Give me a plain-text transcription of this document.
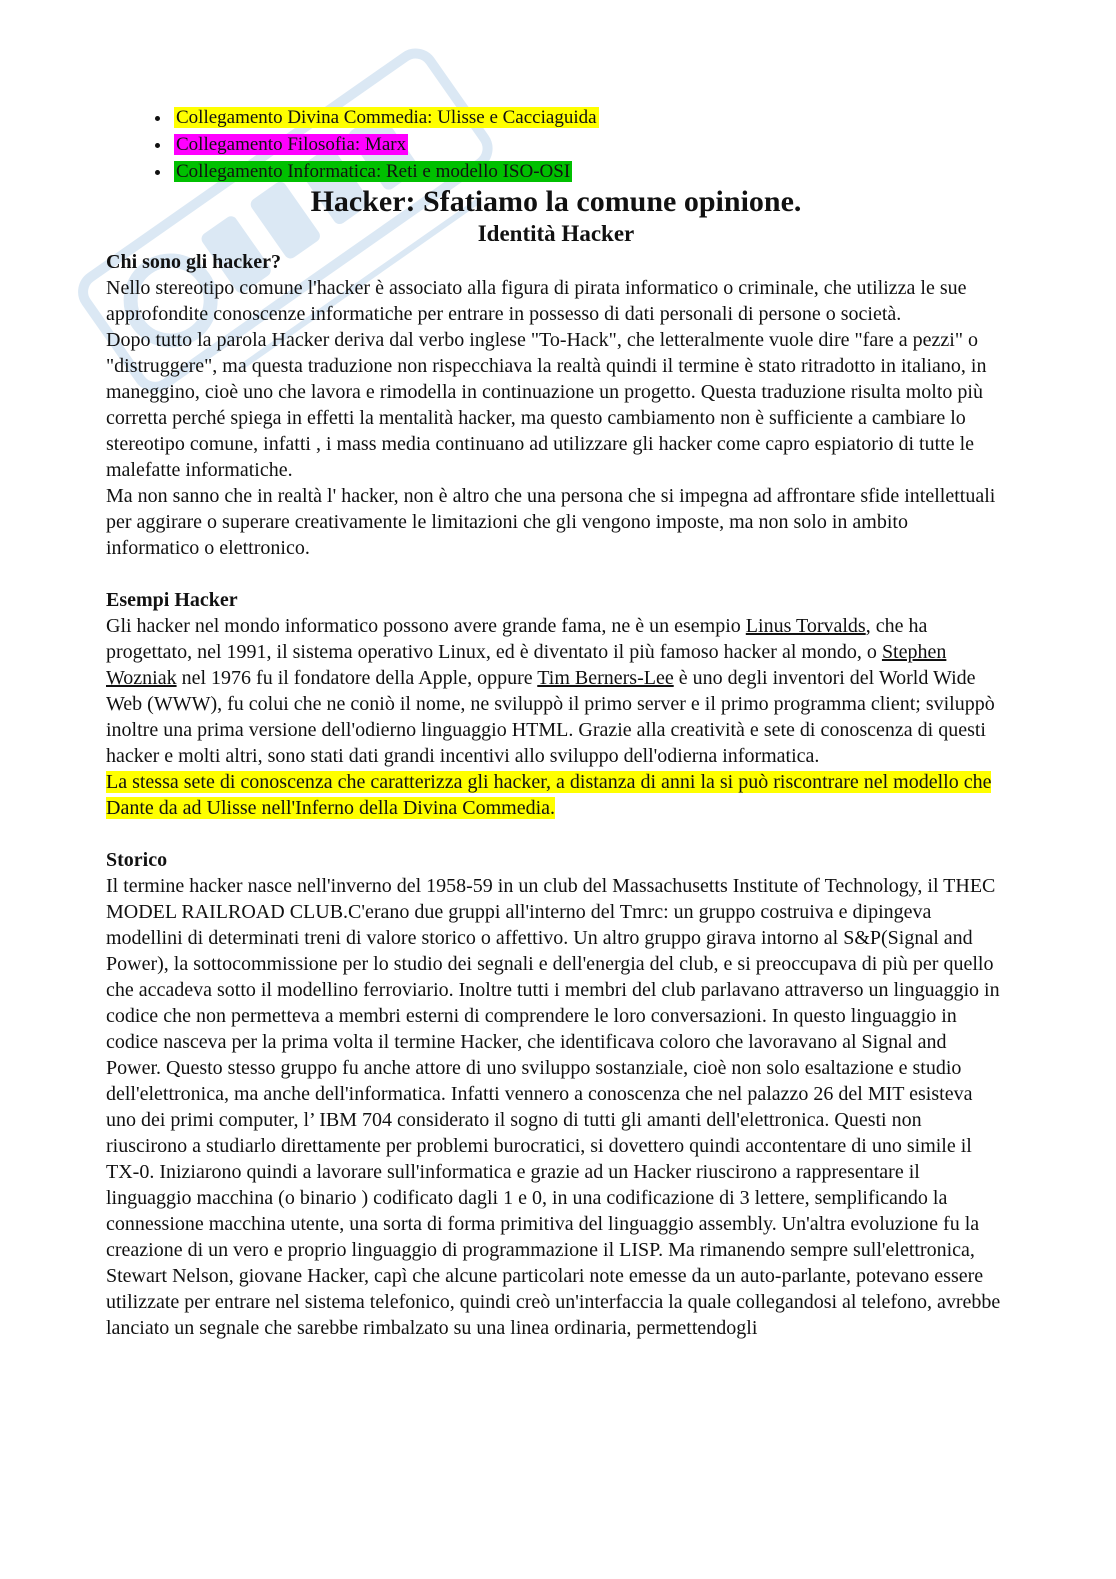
• Collegamento Divina Commedia: Ulisse e Cacciaguida
• Collegamento Filosofia: Marx
• Collegamento Informatica: Reti e modello ISO-OSI
Hacker: Sfatiamo la comune opinione.
Identità Hacker
Chi sono gli hacker?

Nello stereotipo comune l'hacker è associato alla figura di pirata informatico o criminale, che utilizza le sue approfondite conoscenze informatiche per entrare in possesso di dati personali di persone o società.

Dopo tutto la parola Hacker deriva dal verbo inglese "To-Hack", che letteralmente vuole dire "fare a pezzi" o "distruggere", ma questa traduzione non rispecchiava la realtà quindi il termine è stato ritradotto in italiano, in maneggino, cioè uno che lavora e rimodella in continuazione un progetto. Questa traduzione risulta molto più corretta perché spiega in effetti la mentalità hacker, ma questo cambiamento non è sufficiente a cambiare lo stereotipo comune, infatti , i mass media continuano ad utilizzare gli hacker come capro espiatorio di tutte le malefatte informatiche.

Ma non sanno che in realtà l' hacker, non è altro che una persona che si impegna ad affrontare sfide intellettuali per aggirare o superare creativamente le limitazioni che gli vengono imposte, ma non solo in ambito informatico o elettronico.

Esempi Hacker

Gli hacker nel mondo informatico possono avere grande fama, ne è un esempio Linus Torvalds, che ha progettato, nel 1991, il sistema operativo Linux, ed è diventato il più famoso hacker al mondo, o Stephen Wozniak nel 1976 fu il fondatore della Apple, oppure Tim Berners-Lee è uno degli inventori del World Wide Web (WWW), fu colui che ne coniò il nome, ne sviluppò il primo server e il primo programma client; sviluppò inoltre una prima versione dell'odierno linguaggio HTML. Grazie alla creatività e sete di conoscenza di questi hacker e molti altri, sono stati dati grandi incentivi allo sviluppo dell'odierna informatica.

La stessa sete di conoscenza che caratterizza gli hacker, a distanza di anni la si può riscontrare nel modello che Dante da ad Ulisse nell'Inferno della Divina Commedia.

Storico

Il termine hacker nasce nell'inverno del 1958-59 in un club del Massachusetts Institute of Technology, il THEC MODEL RAILROAD CLUB.C'erano due gruppi all'interno del Tmrc: un gruppo costruiva e dipingeva modellini di determinati treni di valore storico o affettivo. Un altro gruppo girava intorno al S&P(Signal and Power), la sottocommissione per lo studio dei segnali e dell'energia del club, e si preoccupava di più per quello che accadeva sotto il modellino ferroviario. Inoltre tutti i membri del club parlavano attraverso un linguaggio in codice che non permetteva a membri esterni di comprendere le loro conversazioni. In questo linguaggio in codice nasceva per la prima volta il termine Hacker, che identificava coloro che lavoravano al Signal and Power. Questo stesso gruppo fu anche attore di uno sviluppo sostanziale, cioè non solo esaltazione e studio dell'elettronica, ma anche dell'informatica. Infatti vennero a conoscenza che nel palazzo 26 del MIT esisteva uno dei primi computer, l’ IBM 704 considerato il sogno di tutti gli amanti dell'elettronica. Questi non riuscirono a studiarlo direttamente per problemi burocratici, si dovettero quindi accontentare di uno simile il TX-0. Iniziarono quindi a lavorare sull'informatica e grazie ad un Hacker riuscirono a rappresentare il linguaggio macchina (o binario ) codificato dagli 1 e 0, in una codificazione di 3 lettere, semplificando la connessione macchina utente, una sorta di forma primitiva del linguaggio assembly. Un'altra evoluzione fu la creazione di un vero e proprio linguaggio di programmazione il LISP. Ma rimanendo sempre sull'elettronica, Stewart Nelson, giovane Hacker, capì che alcune particolari note emesse da un auto-parlante, potevano essere utilizzate per entrare nel sistema telefonico, quindi creò un'interfaccia la quale collegandosi al telefono, avrebbe lanciato un segnale che sarebbe rimbalzato su una linea ordinaria, permettendogli
